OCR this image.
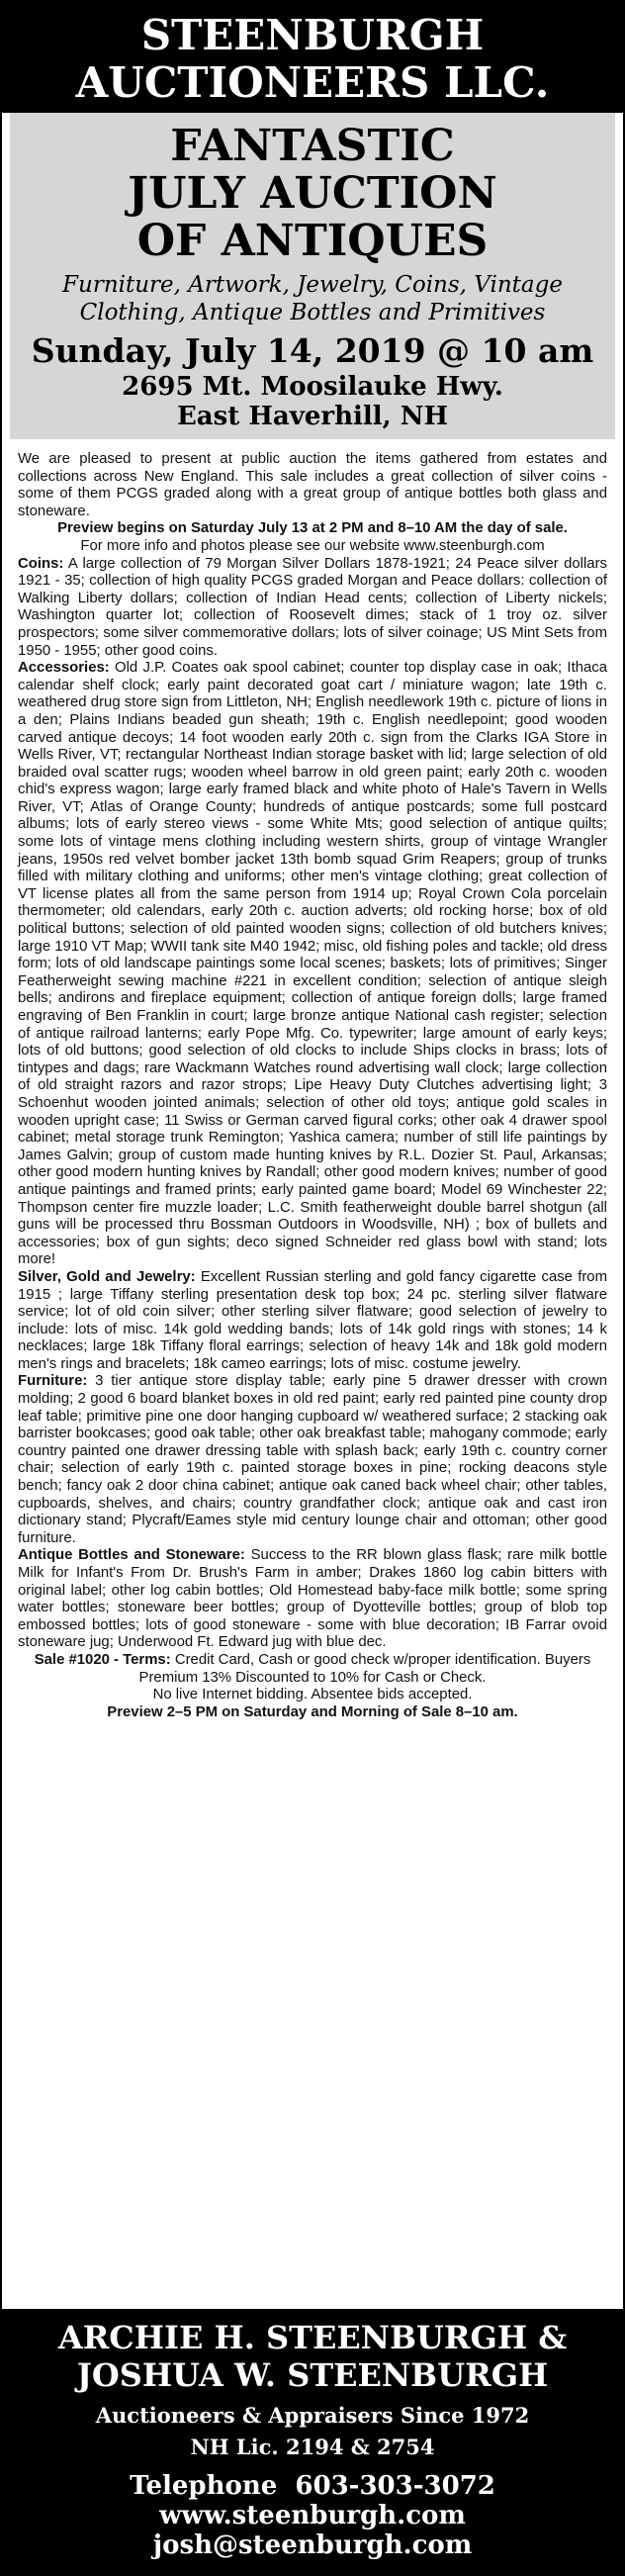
STEENBURGH
AUCTIONEERS LLC.
FANTASTIC
JULY AUCTION
OF ANTIQUES
Furniture, Artwork, Jewelry, Coins, Vintage
Clothing, Antique Bottles and Primitives
Sunday, July 14, 2019 @ 10 am
2695 Mt. Moosilauke Hwy.
East Haverhill, NH

We are pleased to present at public auction the items gathered from estates and collections across New England. This sale includes a great collection of silver coins - some of them PCGS graded along with a great group of antique bottles both glass and stoneware.

Preview begins on Saturday July 13 at 2 PM and 8–10 AM the day of sale.

For more info and photos please see our website www.steenburgh.com

Coins: A large collection of 79 Morgan Silver Dollars 1878-1921; 24 Peace silver dollars 1921 - 35; collection of high quality PCGS graded Morgan and Peace dollars: collection of Walking Liberty dollars; collection of Indian Head cents; collection of Liberty nickels; Washington quarter lot; collection of Roosevelt dimes; stack of 1 troy oz. silver prospectors; some silver commemorative dollars; lots of silver coinage; US Mint Sets from 1950 - 1955; other good coins.

Accessories: Old J.P. Coates oak spool cabinet; counter top display case in oak; Ithaca calendar shelf clock; early paint decorated goat cart / miniature wagon; late 19th c. weathered drug store sign from Littleton, NH; English needlework 19th c. picture of lions in a den; Plains Indians beaded gun sheath; 19th c. English needlepoint; good wooden carved antique decoys; 14 foot wooden early 20th c. sign from the Clarks IGA Store in Wells River, VT; rectangular Northeast Indian storage basket with lid; large selection of old braided oval scatter rugs; wooden wheel barrow in old green paint; early 20th c. wooden chid's express wagon; large early framed black and white photo of Hale's Tavern in Wells River, VT; Atlas of Orange County; hundreds of antique postcards; some full postcard albums; lots of early stereo views - some White Mts; good selection of antique quilts; some lots of vintage mens clothing including western shirts, group of vintage Wrangler jeans, 1950s red velvet bomber jacket 13th bomb squad Grim Reapers; group of trunks filled with military clothing and uniforms; other men's vintage clothing; great collection of VT license plates all from the same person from 1914 up; Royal Crown Cola porcelain thermometer; old calendars, early 20th c. auction adverts; old rocking horse; box of old political buttons; selection of old painted wooden signs; collection of old butchers knives; large 1910 VT Map; WWII tank site M40 1942; misc, old fishing poles and tackle; old dress form; lots of old landscape paintings some local scenes; baskets; lots of primitives; Singer Featherweight sewing machine #221 in excellent condition; selection of antique sleigh bells; andirons and fireplace equipment; collection of antique foreign dolls; large framed engraving of Ben Franklin in court; large bronze antique National cash register; selection of antique railroad lanterns; early Pope Mfg. Co. typewriter; large amount of early keys; lots of old buttons; good selection of old clocks to include Ships clocks in brass; lots of tintypes and dags; rare Wackmann Watches round advertising wall clock; large collection of old straight razors and razor strops; Lipe Heavy Duty Clutches advertising light; 3 Schoenhut wooden jointed animals; selection of other old toys; antique gold scales in wooden upright case; 11 Swiss or German carved figural corks; other oak 4 drawer spool cabinet; metal storage trunk Remington; Yashica camera; number of still life paintings by James Galvin; group of custom made hunting knives by R.L. Dozier St. Paul, Arkansas; other good modern hunting knives by Randall; other good modern knives; number of good antique paintings and framed prints; early painted game board; Model 69 Winchester 22; Thompson center fire muzzle loader; L.C. Smith featherweight double barrel shotgun (all guns will be processed thru Bossman Outdoors in Woodsville, NH) ; box of bullets and accessories; box of gun sights; deco signed Schneider red glass bowl with stand; lots more!

Silver, Gold and Jewelry: Excellent Russian sterling and gold fancy cigarette case from 1915 ; large Tiffany sterling presentation desk top box; 24 pc. sterling silver flatware service; lot of old coin silver; other sterling silver flatware; good selection of jewelry to include: lots of misc. 14k gold wedding bands; lots of 14k gold rings with stones; 14 k necklaces; large 18k Tiffany floral earrings; selection of heavy 14k and 18k gold modern men's rings and bracelets; 18k cameo earrings; lots of misc. costume jewelry.

Furniture: 3 tier antique store display table; early pine 5 drawer dresser with crown molding; 2 good 6 board blanket boxes in old red paint; early red painted pine county drop leaf table; primitive pine one door hanging cupboard w/ weathered surface; 2 stacking oak barrister bookcases; good oak table; other oak breakfast table; mahogany commode; early country painted one drawer dressing table with splash back; early 19th c. country corner chair; selection of early 19th c. painted storage boxes in pine; rocking deacons style bench; fancy oak 2 door china cabinet; antique oak caned back wheel chair; other tables, cupboards, shelves, and chairs; country grandfather clock; antique oak and cast iron dictionary stand; Plycraft/Eames style mid century lounge chair and ottoman; other good furniture.

Antique Bottles and Stoneware: Success to the RR blown glass flask; rare milk bottle Milk for Infant's From Dr. Brush's Farm in amber; Drakes 1860 log cabin bitters with original label; other log cabin bottles; Old Homestead baby-face milk bottle; some spring water bottles; stoneware beer bottles; group of Dyotteville bottles; group of blob top embossed bottles; lots of good stoneware - some with blue decoration; IB Farrar ovoid stoneware jug; Underwood Ft. Edward jug with blue dec.

Sale #1020 - Terms: Credit Card, Cash or good check w/proper identification. Buyers Premium 13% Discounted to 10% for Cash or Check.

No live Internet bidding. Absentee bids accepted.

Preview 2–5 PM on Saturday and Morning of Sale 8–10 am.

ARCHIE H. STEENBURGH &
JOSHUA W. STEENBURGH
Auctioneers & Appraisers Since 1972
NH Lic. 2194 & 2754
Telephone  603-303-3072
www.steenburgh.com
josh@steenburgh.com
